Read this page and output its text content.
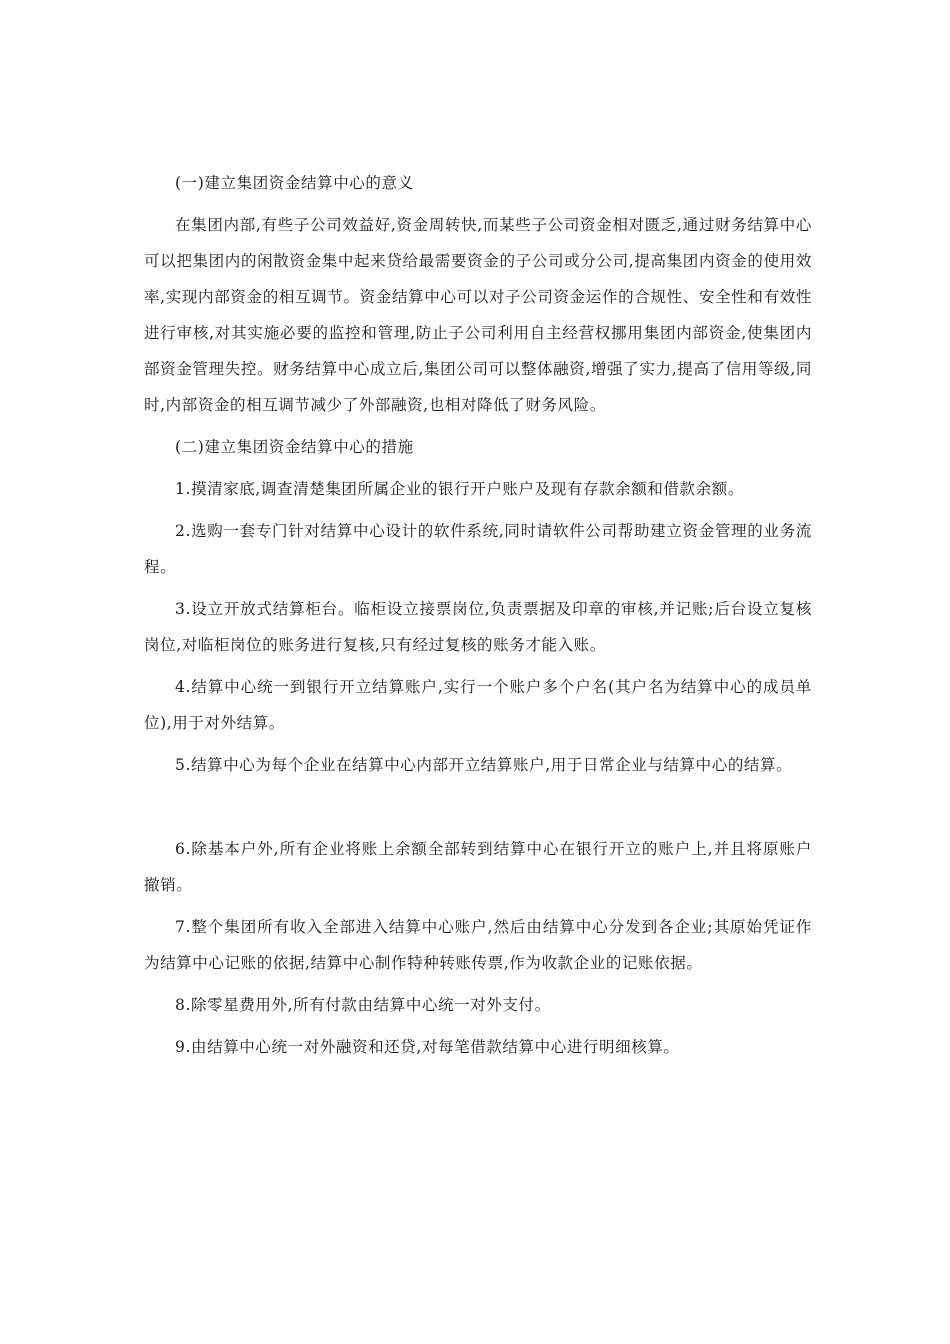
(一)建立集团资金结算中心的意义

在集团内部,有些子公司效益好,资金周转快,而某些子公司资金相对匮乏,通过财务结算中心可以把集团内的闲散资金集中起来贷给最需要资金的子公司或分公司,提高集团内资金的使用效率,实现内部资金的相互调节。资金结算中心可以对子公司资金运作的合规性、安全性和有效性进行审核,对其实施必要的监控和管理,防止子公司利用自主经营权挪用集团内部资金,使集团内部资金管理失控。财务结算中心成立后,集团公司可以整体融资,增强了实力,提高了信用等级,同时,内部资金的相互调节减少了外部融资,也相对降低了财务风险。

(二)建立集团资金结算中心的措施

1.摸清家底,调查清楚集团所属企业的银行开户账户及现有存款余额和借款余额。

2.选购一套专门针对结算中心设计的软件系统,同时请软件公司帮助建立资金管理的业务流程。

3.设立开放式结算柜台。临柜设立接票岗位,负责票据及印章的审核,并记账;后台设立复核岗位,对临柜岗位的账务进行复核,只有经过复核的账务才能入账。

4.结算中心统一到银行开立结算账户,实行一个账户多个户名(其户名为结算中心的成员单位),用于对外结算。

5.结算中心为每个企业在结算中心内部开立结算账户,用于日常企业与结算中心的结算。

6.除基本户外,所有企业将账上余额全部转到结算中心在银行开立的账户上,并且将原账户撤销。

7.整个集团所有收入全部进入结算中心账户,然后由结算中心分发到各企业;其原始凭证作为结算中心记账的依据,结算中心制作特种转账传票,作为收款企业的记账依据。

8.除零星费用外,所有付款由结算中心统一对外支付。

9.由结算中心统一对外融资和还贷,对每笔借款结算中心进行明细核算。
